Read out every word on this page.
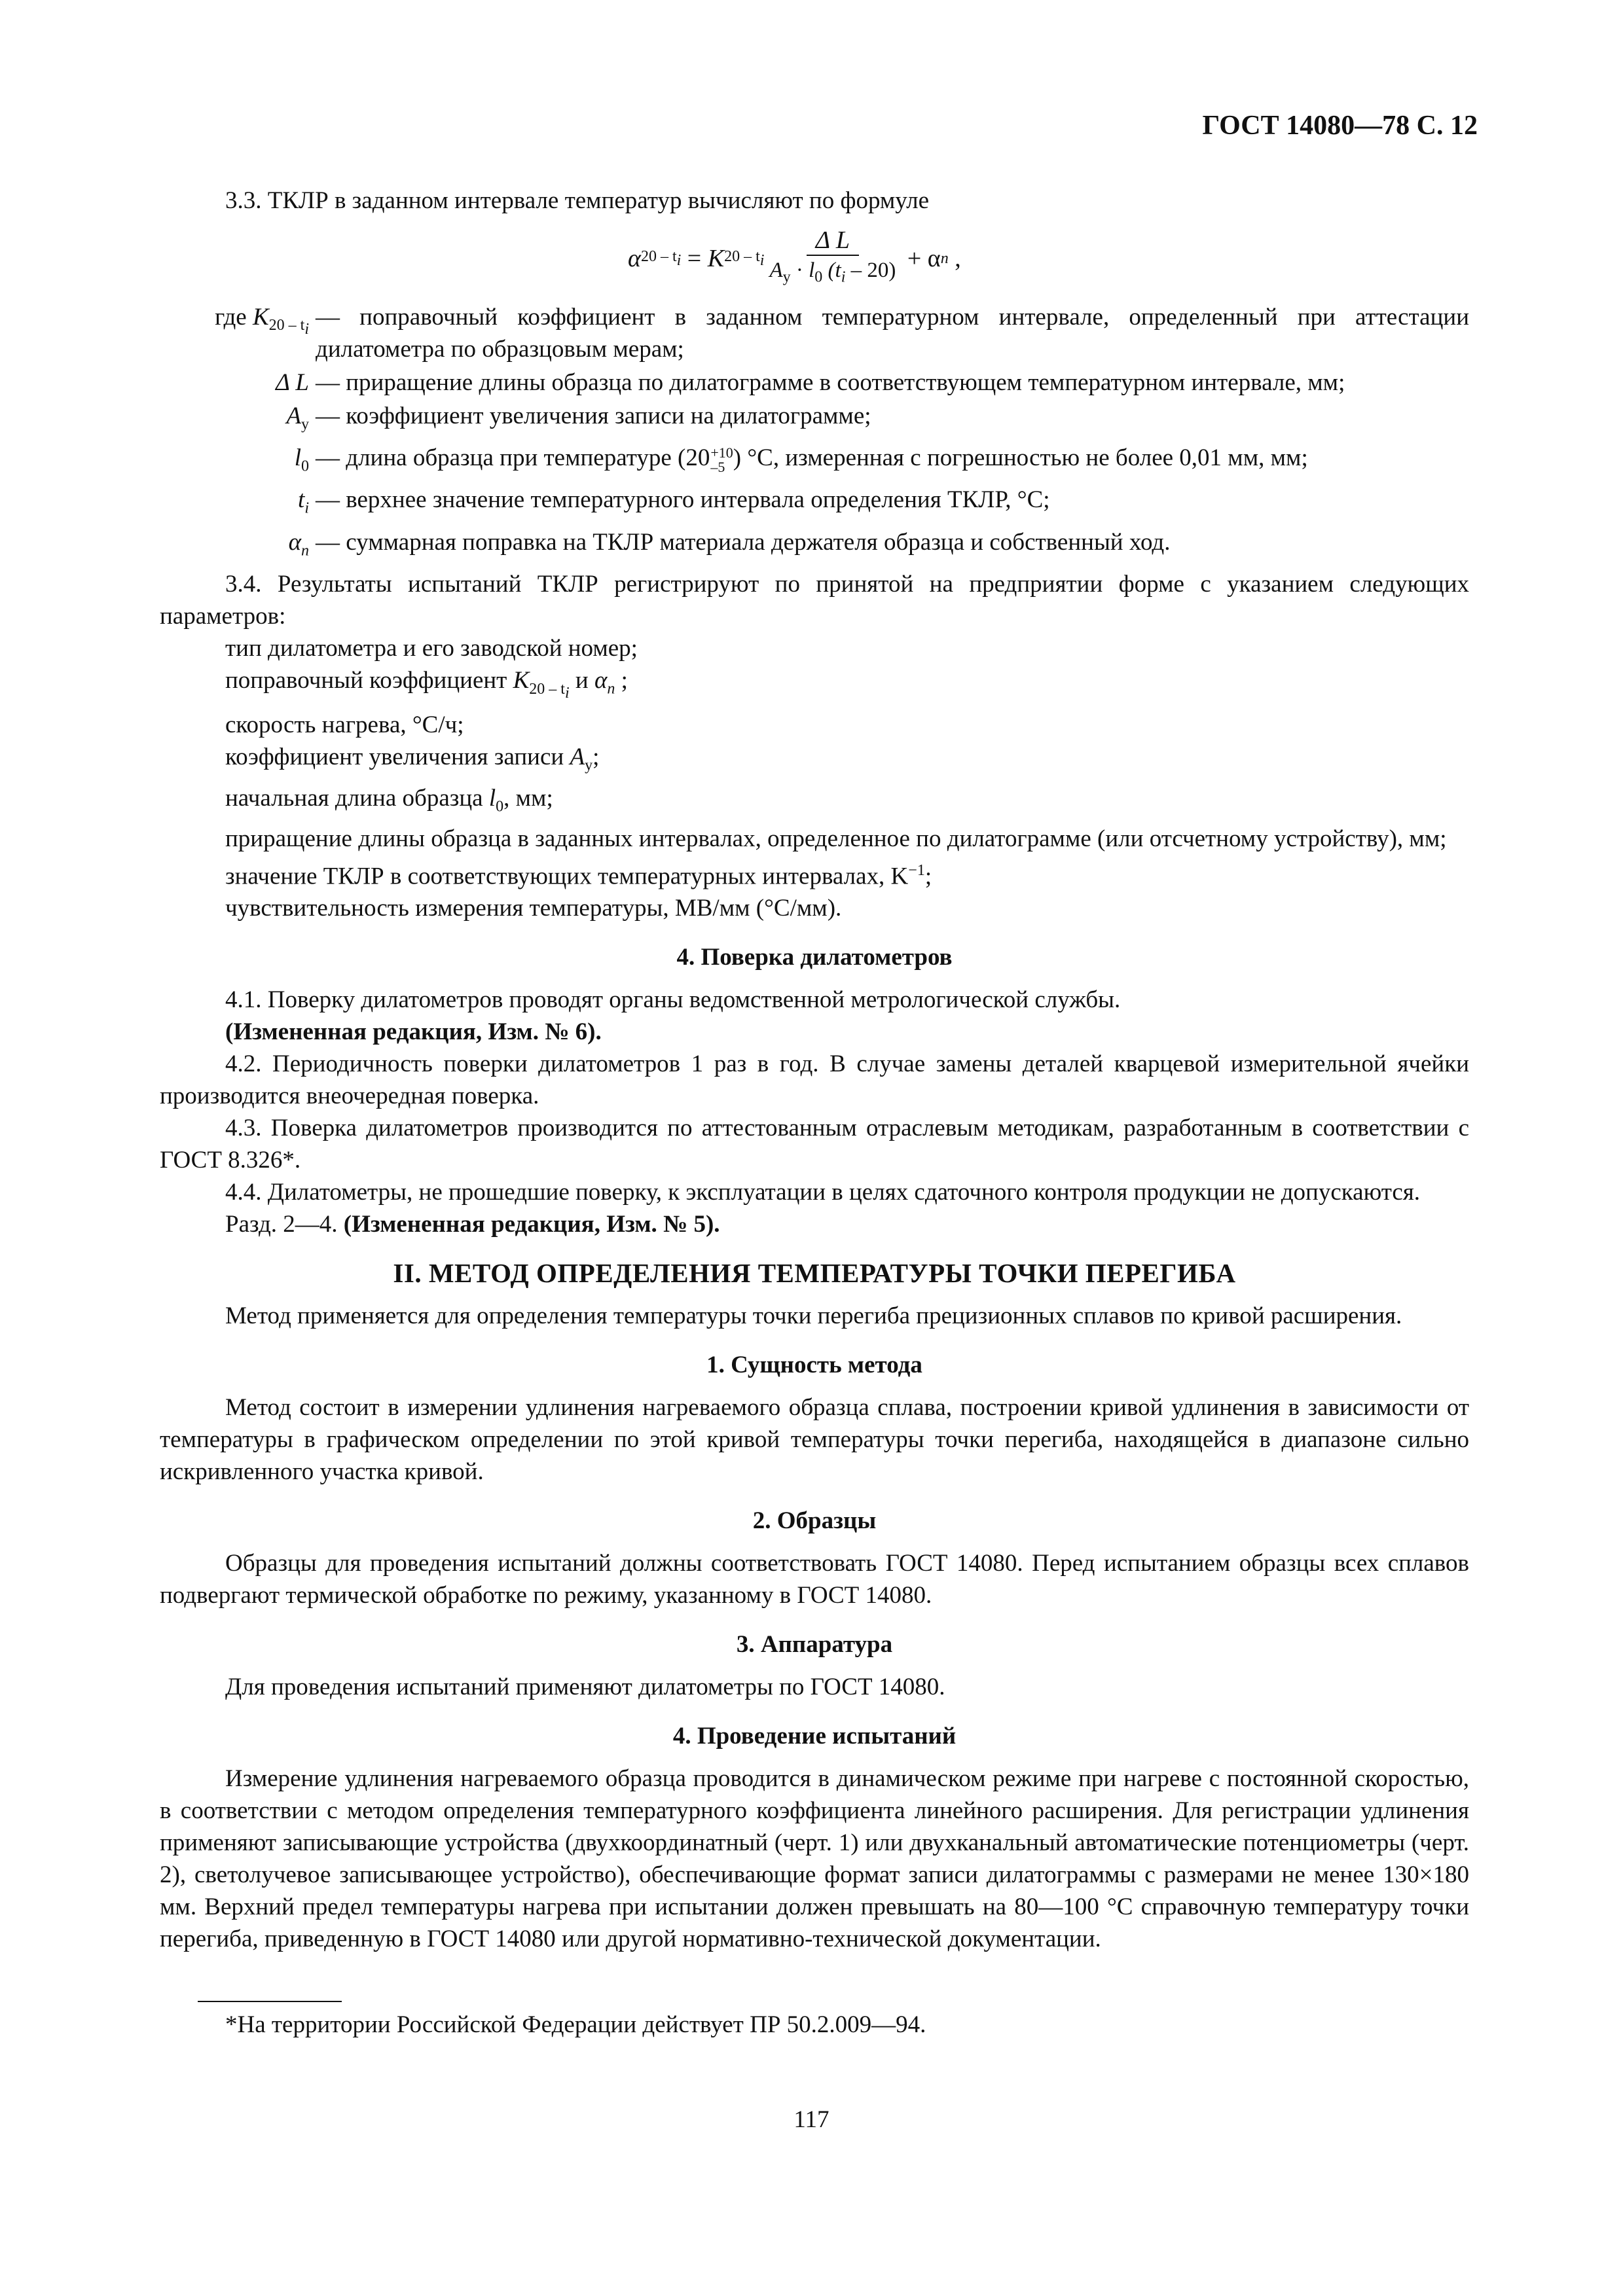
ГОСТ 14080—78 С. 12

3.3. ТКЛР в заданном интервале температур вычисляют по формуле

α $20 - t_i = K$ $20 - t_i \frac{\text{Δ L}}{A_y \cdot l_0 (t_i - 20)} + \alpha$ n ,
где $K_{20 - t_i}$ — поправочный коэффициент в заданном температурном интервале, определенный при аттестации дилатометра по образцовым мерам;
Δ L — приращение длины образца по дилатограмме в соответствующем температурном интервале, мм;
$A_y$ — коэффициент увеличения записи на дилатограмме;
$l_0$ — длина образца при температуре (20 +10
–5 ) °С, измеренная с погрешностью не более 0,01 мм, мм;
$t_i$ — верхнее значение температурного интервала определения ТКЛР, °С;
$\alpha_n$ — суммарная поправка на ТКЛР материала держателя образца и собственный ход.

3.4. Результаты испытаний ТКЛР регистрируют по принятой на предприятии форме с указанием следующих параметров:

тип дилатометра и его заводской номер;

поправочный коэффициент $K_{20 - t_i}$ и $\alpha_n$ ;

скорость нагрева, °С/ч;

коэффициент увеличения записи $A_y$;

начальная длина образца $l_0$, мм;

приращение длины образца в заданных интервалах, определенное по дилатограмме (или отсчетному устройству), мм;

значение ТКЛР в соответствующих температурных интервалах, $K^{-1}$;

чувствительность измерения температуры, МВ/мм (°С/мм).

4. Поверка дилатометров

4.1. Поверку дилатометров проводят органы ведомственной метрологической службы.

(Измененная редакция, Изм. № 6).

4.2. Периодичность поверки дилатометров 1 раз в год. В случае замены деталей кварцевой измерительной ячейки производится внеочередная поверка.

4.3. Поверка дилатометров производится по аттестованным отраслевым методикам, разработанным в соответствии с ГОСТ 8.326*.

4.4. Дилатометры, не прошедшие поверку, к эксплуатации в целях сдаточного контроля продукции не допускаются.

Разд. 2—4. (Измененная редакция, Изм. № 5).

II. МЕТОД ОПРЕДЕЛЕНИЯ ТЕМПЕРАТУРЫ ТОЧКИ ПЕРЕГИБА

Метод применяется для определения температуры точки перегиба прецизионных сплавов по кривой расширения.

1. Сущность метода

Метод состоит в измерении удлинения нагреваемого образца сплава, построении кривой удлинения в зависимости от температуры в графическом определении по этой кривой температуры точки перегиба, находящейся в диапазоне сильно искривленного участка кривой.

2. Образцы

Образцы для проведения испытаний должны соответствовать ГОСТ 14080. Перед испытанием образцы всех сплавов подвергают термической обработке по режиму, указанному в ГОСТ 14080.

3. Аппаратура

Для проведения испытаний применяют дилатометры по ГОСТ 14080.

4. Проведение испытаний

Измерение удлинения нагреваемого образца проводится в динамическом режиме при нагреве с постоянной скоростью, в соответствии с методом определения температурного коэффициента линейного расширения. Для регистрации удлинения применяют записывающие устройства (двухкоординатный (черт. 1) или двухканальный автоматические потенциометры (черт. 2), светолучевое записывающее устройство), обеспечивающие формат записи дилатограммы с размерами не менее 130×180 мм. Верхний предел температуры нагрева при испытании должен превышать на 80—100 °С справочную температуру точки перегиба, приведенную в ГОСТ 14080 или другой нормативно-технической документации.

*На территории Российской Федерации действует ПР 50.2.009—94.

117
